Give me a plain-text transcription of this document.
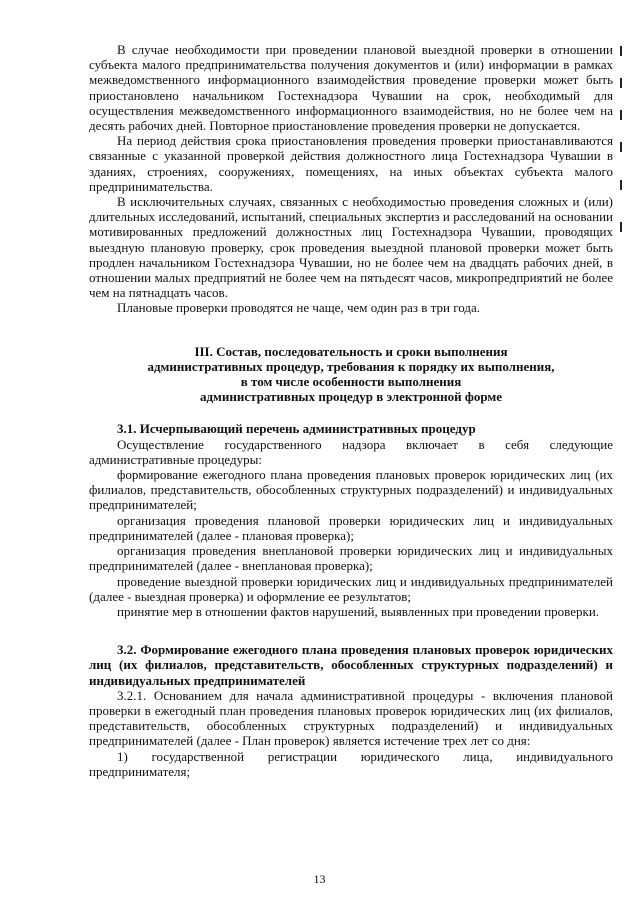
В случае необходимости при проведении плановой выездной проверки в отношении субъекта малого предпринимательства получения документов и (или) информации в рамках межведомственного информационного взаимодействия проведение проверки может быть приостановлено начальником Гостехнадзора Чувашии на срок, необходимый для осуществления межведомственного информационного взаимодействия, но не более чем на десять рабочих дней. Повторное приостановление проведения проверки не допускается.

На период действия срока приостановления проведения проверки приостанавливаются связанные с указанной проверкой действия должностного лица Гостехнадзора Чувашии в зданиях, строениях, сооружениях, помещениях, на иных объектах субъекта малого предпринимательства.

В исключительных случаях, связанных с необходимостью проведения сложных и (или) длительных исследований, испытаний, специальных экспертиз и расследований на основании мотивированных предложений должностных лиц Гостехнадзора Чувашии, проводящих выездную плановую проверку, срок проведения выездной плановой проверки может быть продлен начальником Гостехнадзора Чувашии, но не более чем на двадцать рабочих дней, в отношении малых предприятий не более чем на пятьдесят часов, микропредприятий не более чем на пятнадцать часов.

Плановые проверки проводятся не чаще, чем один раз в три года.

III. Состав, последовательность и сроки выполнения
административных процедур, требования к порядку их выполнения,
в том числе особенности выполнения
административных процедур в электронной форме

3.1. Исчерпывающий перечень административных процедур

Осуществление государственного надзора включает в себя следующие административные процедуры:

формирование ежегодного плана проведения плановых проверок юридических лиц (их филиалов, представительств, обособленных структурных подразделений) и индивидуальных предпринимателей;

организация проведения плановой проверки юридических лиц и индивидуальных предпринимателей (далее - плановая проверка);

организация проведения внеплановой проверки юридических лиц и индивидуальных предпринимателей (далее - внеплановая проверка);

проведение выездной проверки юридических лиц и индивидуальных предпринимателей (далее - выездная проверка) и оформление ее результатов;

принятие мер в отношении фактов нарушений, выявленных при проведении проверки.

3.2. Формирование ежегодного плана проведения плановых проверок юридических лиц (их филиалов, представительств, обособленных структурных подразделений) и индивидуальных предпринимателей

3.2.1. Основанием для начала административной процедуры - включения плановой проверки в ежегодный план проведения плановых проверок юридических лиц (их филиалов, представительств, обособленных структурных подразделений) и индивидуальных предпринимателей (далее - План проверок) является истечение трех лет со дня:

1) государственной регистрации юридического лица, индивидуального предпринимателя;

13
